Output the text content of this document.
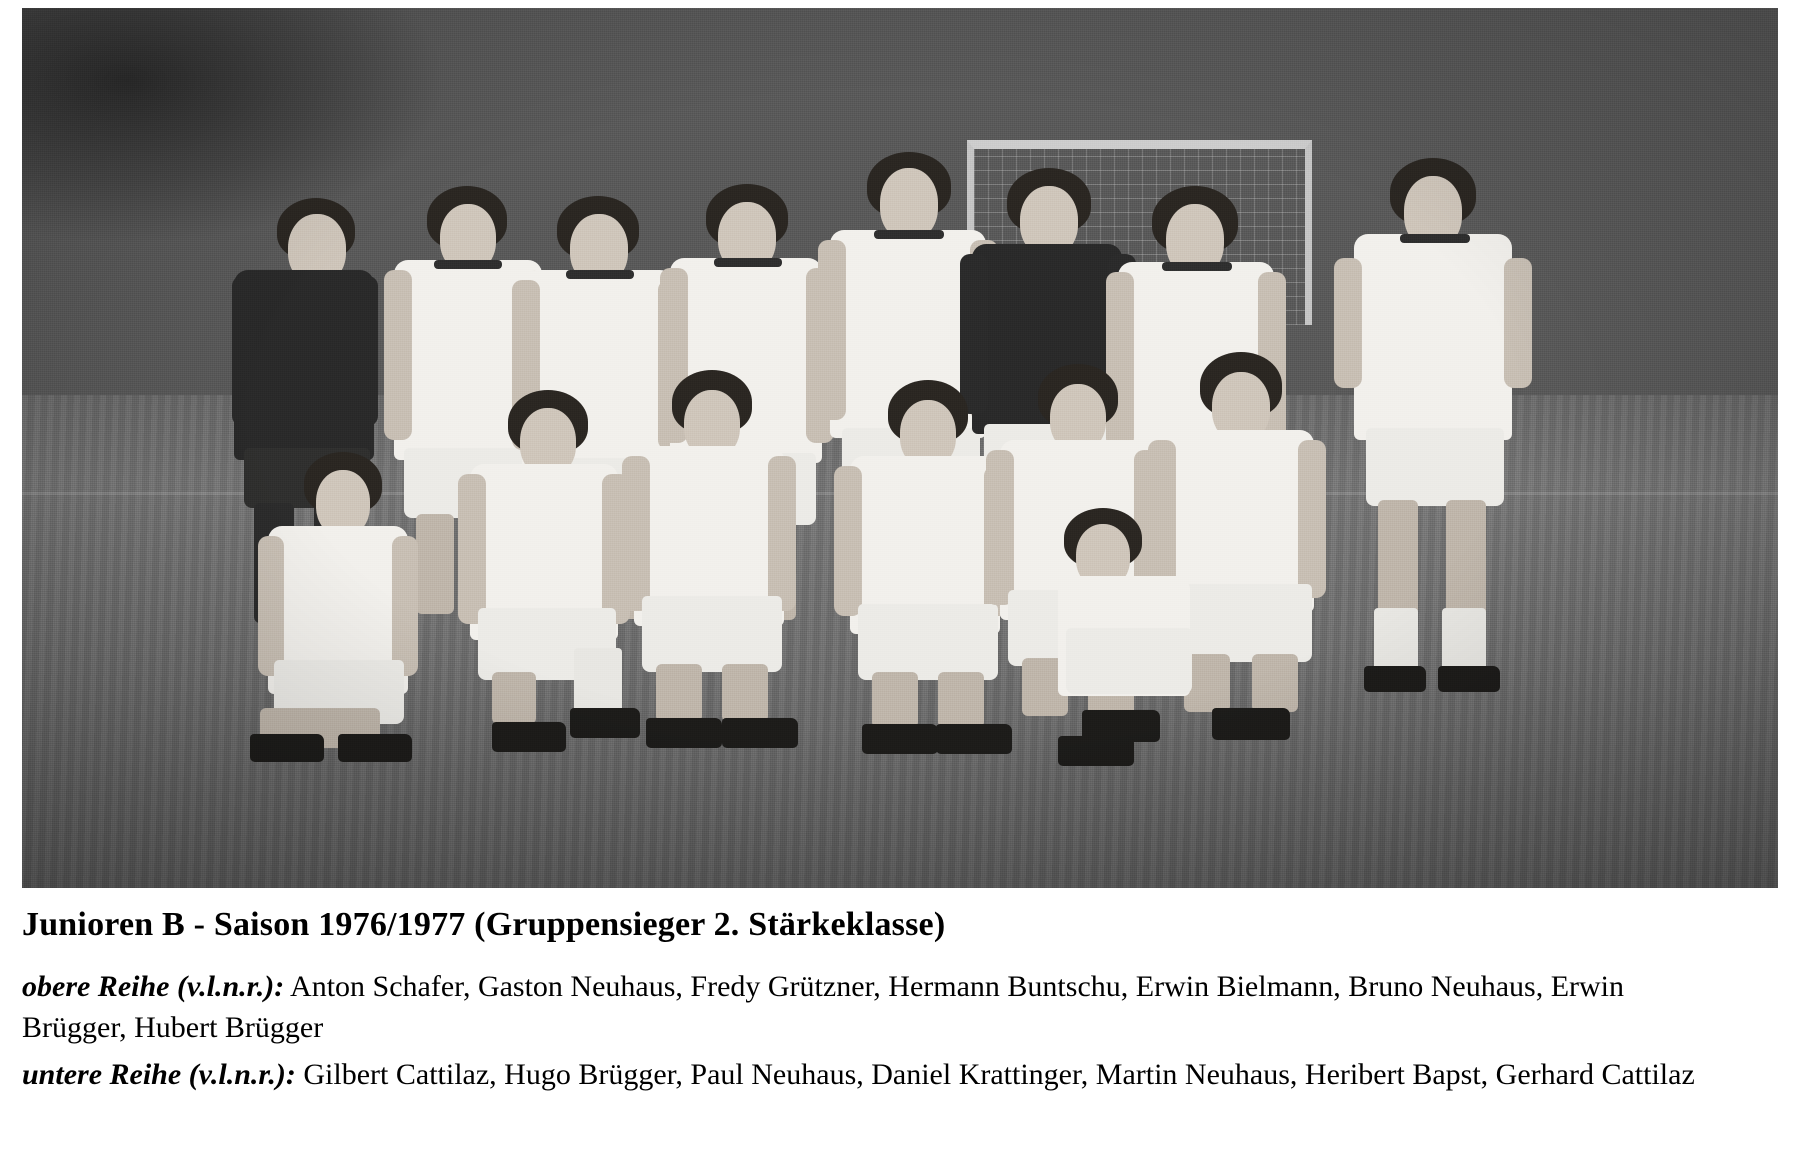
Junioren B - Saison 1976/1977 (Gruppensieger 2. Stärkeklasse)

obere Reihe (v.l.n.r.): Anton Schafer, Gaston Neuhaus, Fredy Grützner, Hermann Buntschu, Erwin Bielmann, Bruno Neuhaus, Erwin Brügger, Hubert Brügger

untere Reihe (v.l.n.r.): Gilbert Cattilaz, Hugo Brügger, Paul Neuhaus, Daniel Krattinger, Martin Neuhaus, Heribert Bapst, Gerhard Cattilaz
